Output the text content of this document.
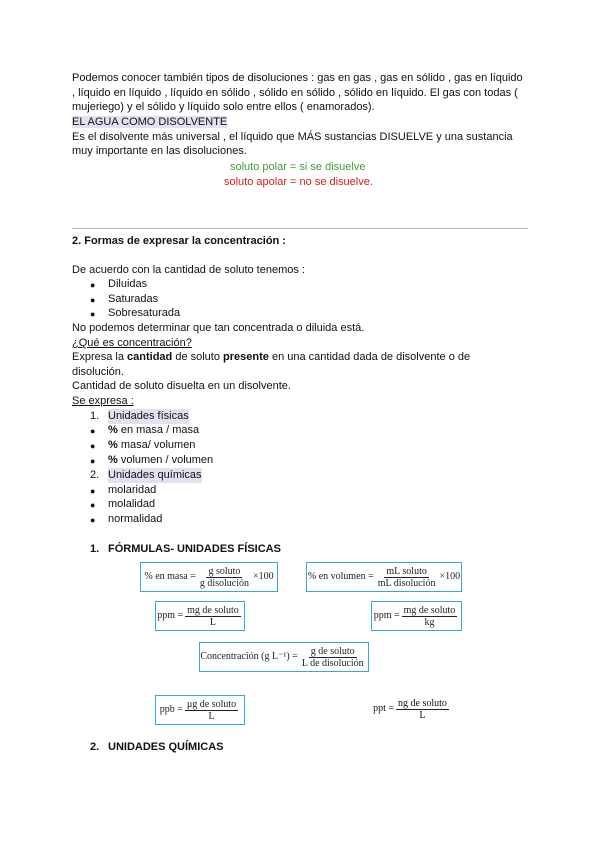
Podemos conocer también tipos de disoluciones : gas en gas , gas en sólido , gas en líquido
, líquido en líquido , líquido en sólido , sólido en sólido , sólido en líquido. El gas con todas (
mujeriego) y el sólido y líquido solo entre ellos ( enamorados).
EL AGUA COMO DISOLVENTE
Es el disolvente más universal , el líquido que MÁS sustancias DISUELVE y una sustancia
muy importante en las disoluciones.
soluto polar = si se disuelve
soluto apolar = no se disuelve.
2. Formas de expresar la concentración :
De acuerdo con la cantidad de soluto tenemos :
● Diluidas
● Saturadas
● Sobresaturada
No podemos determinar que tan concentrada o diluida está.
¿Qué es concentración?
Expresa la cantidad de soluto presente en una cantidad dada de disolvente o de
disolución.
Cantidad de soluto disuelta en un disolvente.
Se expresa :
1. Unidades físicas
● % en masa / masa
● % masa/ volumen
● % volumen / volumen
2. Unidades químicas
● molaridad
● molalidad
● normalidad
1. FÓRMULAS- UNIDADES FÍSICAS
% en masa = $\frac{\text{g soluto}}{\text{g disolución}} \times 100$	% en volumen = $\frac{\text{mL soluto}}{\text{mL disolución}} \times 100$
ppm = $\frac{\text{mg de soluto}}{L}$	ppm = $\frac{\text{mg de soluto}}{kg}$
Concentración (g $L^{-1}) = \frac{\text{g de soluto}}{\text{L de disolución}}$
ppb = $\frac{\text{μg de soluto}}{L}$	ppt = $\frac{\text{ng de soluto}}{L}$
2. UNIDADES QUÍMICAS
